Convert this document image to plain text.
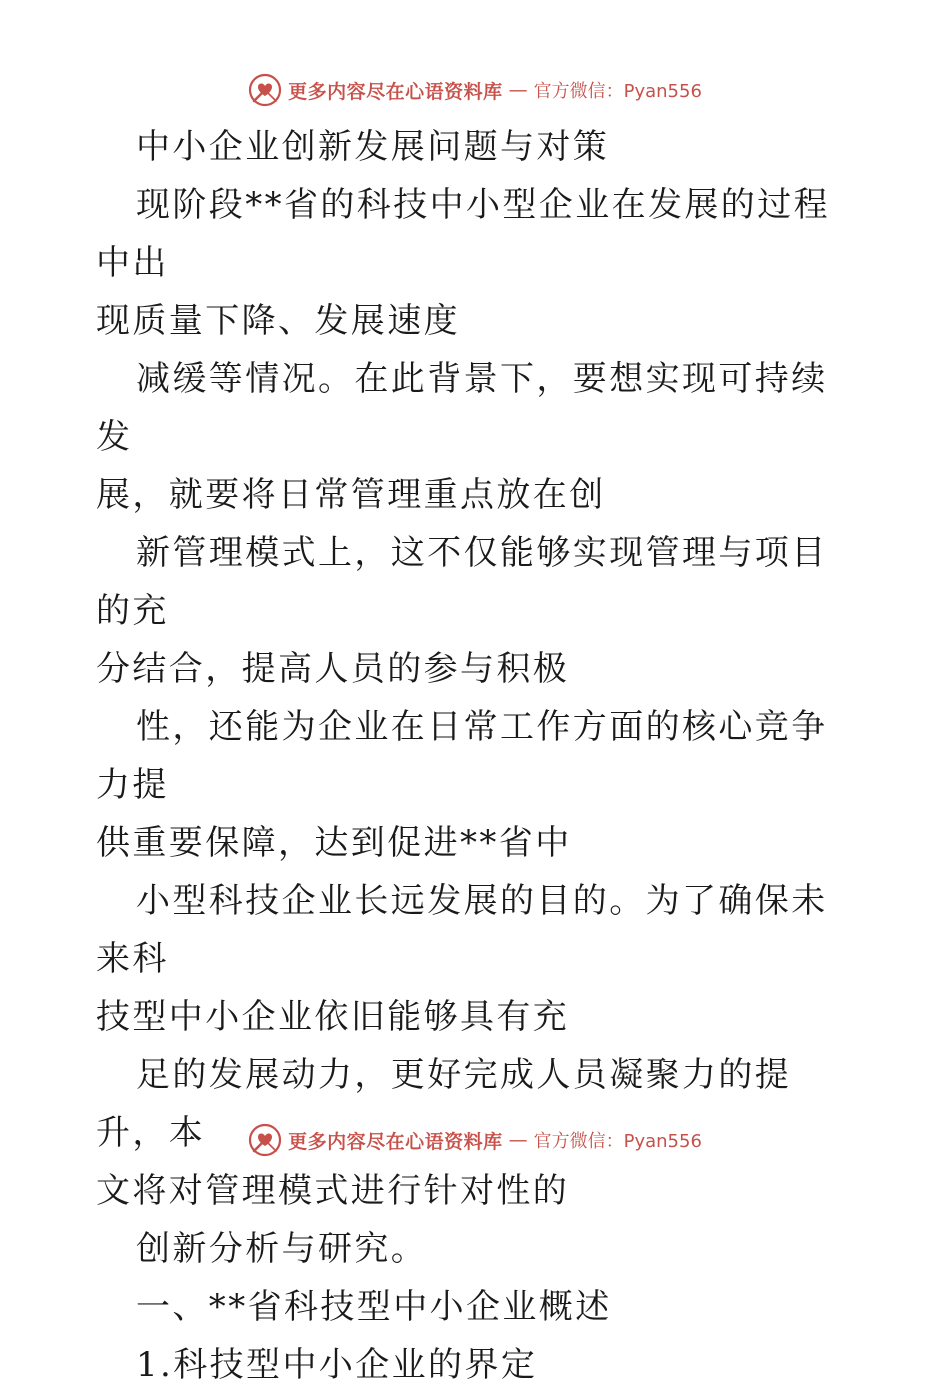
更多内容尽在心语资料库 — 官方微信：Pyan556

中小企业创新发展问题与对策

现阶段**省的科技中小型企业在发展的过程中出

现质量下降、发展速度

减缓等情况。在此背景下，要想实现可持续发

展，就要将日常管理重点放在创

新管理模式上，这不仅能够实现管理与项目的充

分结合，提高人员的参与积极

性，还能为企业在日常工作方面的核心竞争力提

供重要保障，达到促进**省中

小型科技企业长远发展的目的。为了确保未来科

技型中小企业依旧能够具有充

足的发展动力，更好完成人员凝聚力的提升，本

文将对管理模式进行针对性的

创新分析与研究。

一、**省科技型中小企业概述

1.科技型中小企业的界定

更多内容尽在心语资料库 — 官方微信：Pyan556
